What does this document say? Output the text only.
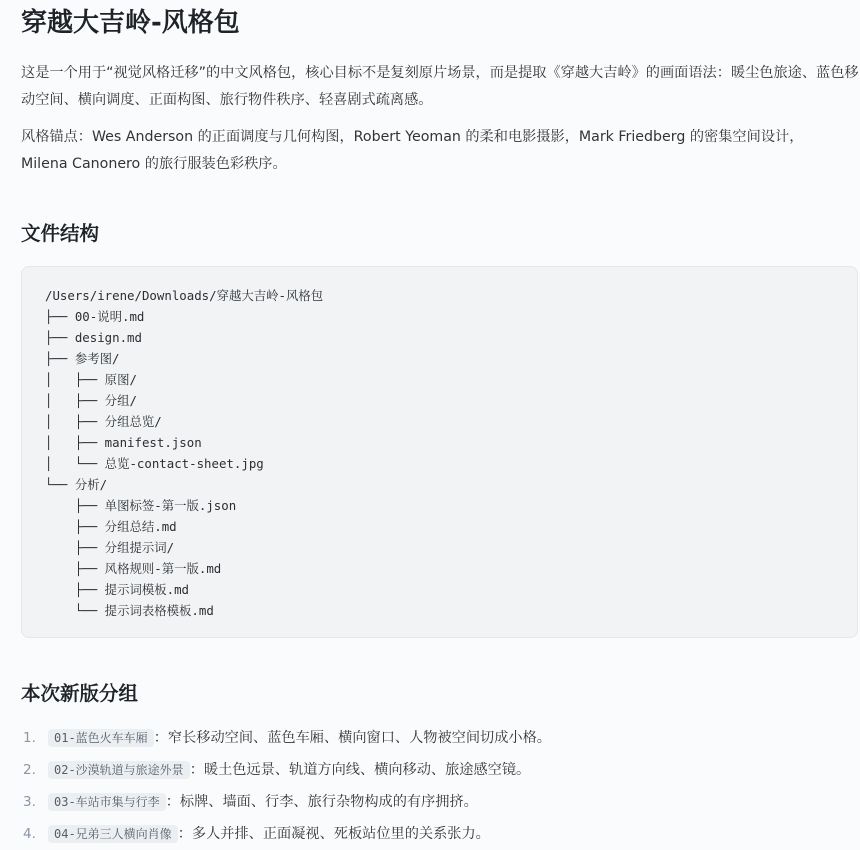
穿越大吉岭-风格包

这是一个用于“视觉风格迁移”的中文风格包，核心目标不是复刻原片场景，而是提取《穿越大吉岭》的画面语法：暖尘色旅途、蓝色移动空间、横向调度、正面构图、旅行物件秩序、轻喜剧式疏离感。

风格锚点：Wes Anderson 的正面调度与几何构图，Robert Yeoman 的柔和电影摄影，Mark Friedberg 的密集空间设计，
Milena Canonero 的旅行服装色彩秩序。

文件结构
/Users/irene/Downloads/穿越大吉岭-风格包
├── 00-说明.md
├── design.md
├── 参考图/
│   ├── 原图/
│   ├── 分组/
│   ├── 分组总览/
│   ├── manifest.json
│   └── 总览-contact-sheet.jpg
└── 分析/
├── 单图标签-第一版.json
├── 分组总结.md
├── 分组提示词/
├── 风格规则-第一版.md
├── 提示词模板.md
└── 提示词表格模板.md
本次新版分组
1. 01-蓝色火车车厢 ：窄长移动空间、蓝色车厢、横向窗口、人物被空间切成小格。
2. 02-沙漠轨道与旅途外景 ：暖土色远景、轨道方向线、横向移动、旅途感空镜。
3. 03-车站市集与行李 ：标牌、墙面、行李、旅行杂物构成的有序拥挤。
4. 04-兄弟三人横向肖像 ：多人并排、正面凝视、死板站位里的关系张力。
